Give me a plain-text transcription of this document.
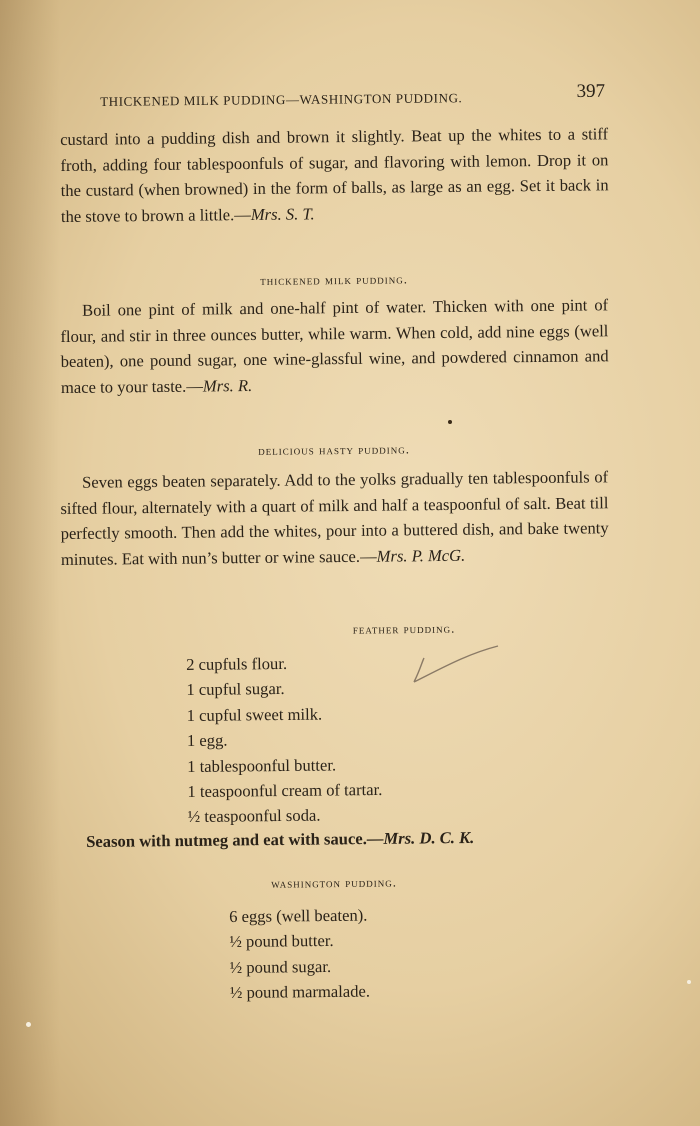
THICKENED MILK PUDDING—WASHINGTON PUDDING.	397

custard into a pudding dish and brown it slightly. Beat up the whites to a stiff froth, adding four tablespoonfuls of sugar, and flavoring with lemon. Drop it on the custard (when browned) in the form of balls, as large as an egg. Set it back in the stove to brown a little.—Mrs. S. T.

thickened milk pudding.

Boil one pint of milk and one-half pint of water. Thicken with one pint of flour, and stir in three ounces butter, while warm. When cold, add nine eggs (well beaten), one pound sugar, one wine-glassful wine, and powdered cinnamon and mace to your taste.—Mrs. R.

delicious hasty pudding.

Seven eggs beaten separately. Add to the yolks gradually ten tablespoonfuls of sifted flour, alternately with a quart of milk and half a teaspoonful of salt. Beat till perfectly smooth. Then add the whites, pour into a buttered dish, and bake twenty minutes. Eat with nun’s butter or wine sauce.—Mrs. P. McG.

feather pudding.
2 cupfuls flour.
1 cupful sugar.
1 cupful sweet milk.
1 egg.
1 tablespoonful butter.
1 teaspoonful cream of tartar.
½ teaspoonful soda.

Season with nutmeg and eat with sauce.—Mrs. D. C. K.

washington pudding.
6 eggs (well beaten).
½ pound butter.
½ pound sugar.
½ pound marmalade.
